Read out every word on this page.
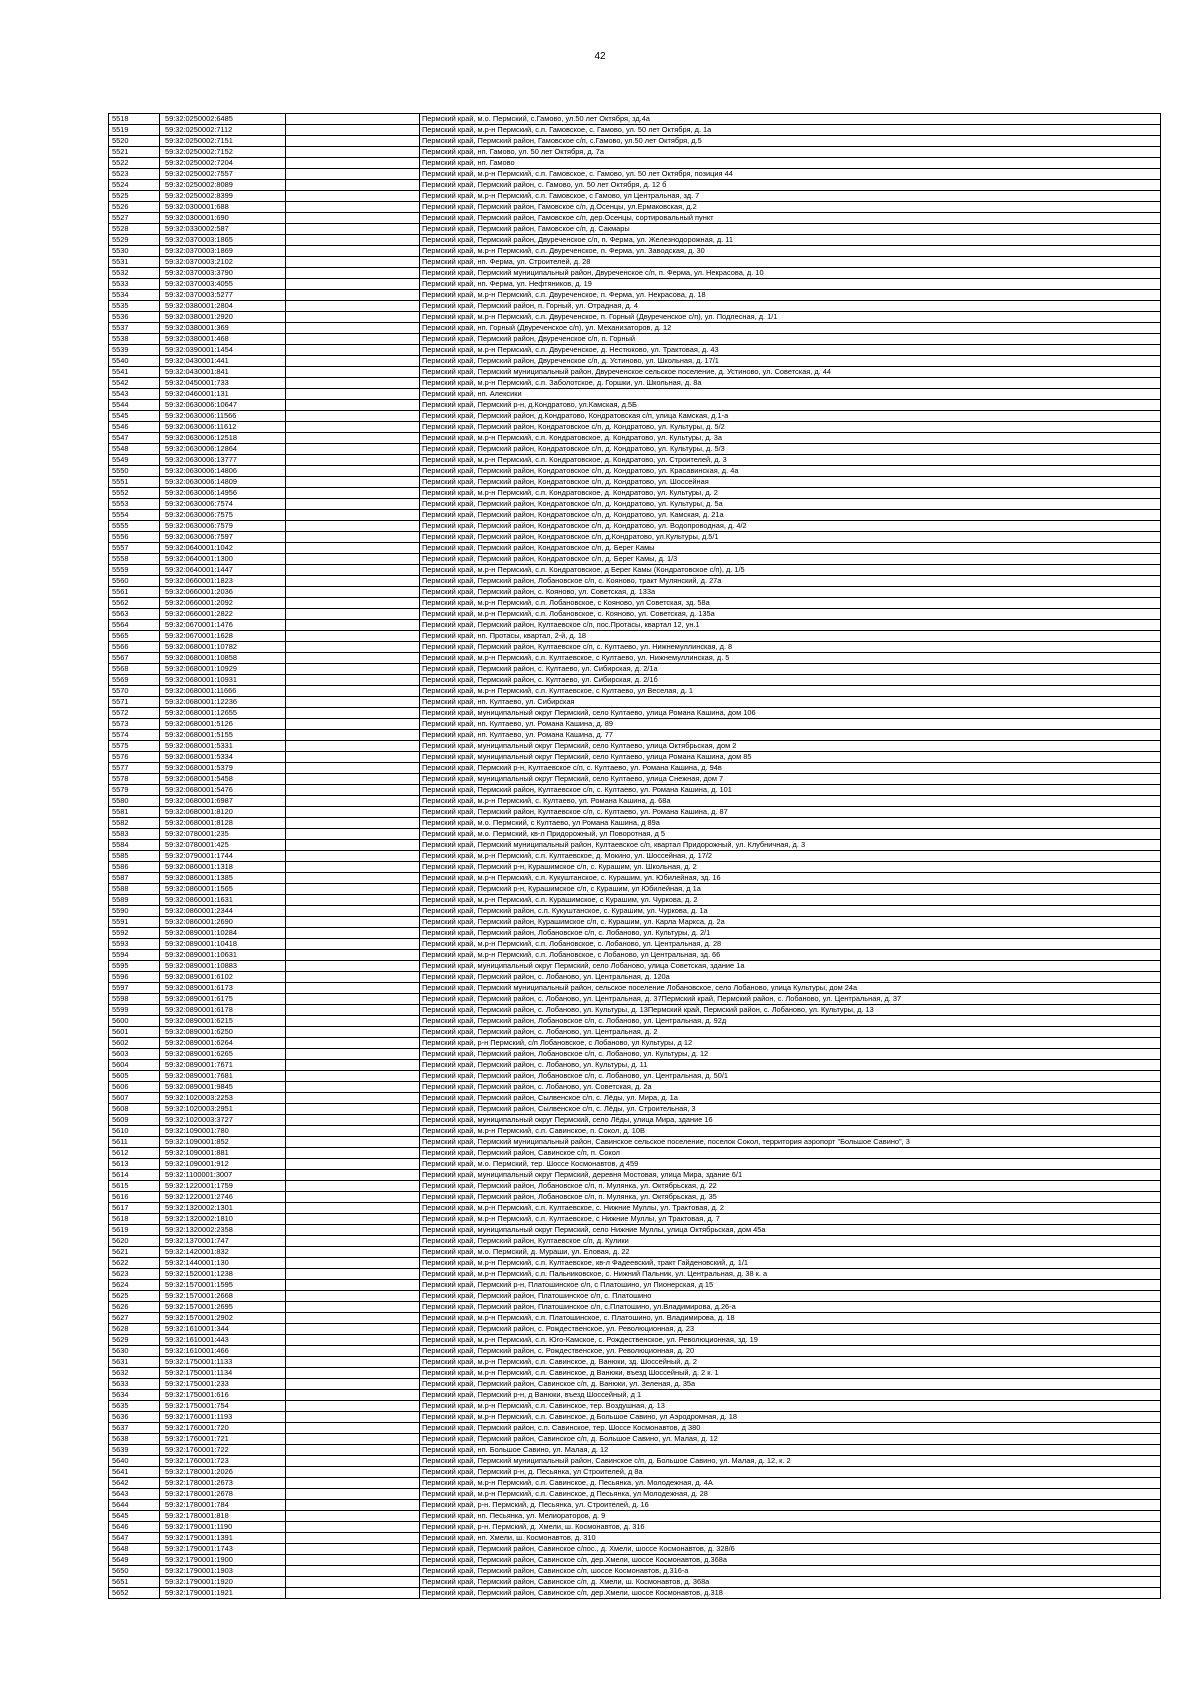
42
5518	59:32:0250002:6485		Пермский край, м.о. Пермский, с.Гамово, ул.50 лет Октября, зд.4а
5519	59:32:0250002:7112		Пермский край, м.р-н Пермский, с.п. Гамовское, с. Гамово, ул. 50 лет Октября, д. 1а
5520	59:32:0250002:7151		Пермский край, Пермский район, Гамовское с/п, с.Гамово, ул.50 лет Октября, д.5
5521	59:32:0250002:7152		Пермский край, нп. Гамово, ул. 50 лет Октября, д. 7а
5522	59:32:0250002:7204		Пермский край, нп. Гамово
5523	59:32:0250002:7557		Пермский край, м.р-н Пермский, с.п. Гамовское, с. Гамово, ул. 50 лет Октября, позиция 44
5524	59:32:0250002:8089		Пермский край, Пермский район, с. Гамово, ул. 50 лет Октября, д. 12 б
5525	59:32:0250002:8399		Пермский край, м.р-н Пермский, с.п. Гамовское, с Гамово, ул Центральная, зд. 7
5526	59:32:0300001:688		Пермский край, Пермский район, Гамовское с/п, д.Осенцы, ул.Ермаковская, д.2
5527	59:32:0300001:690		Пермский край, Пермский район, Гамовское с/п, дер.Осенцы, сортировальный пункт
5528	59:32:0330002:587		Пермский край, Пермский район, Гамовское с/п, д. Сакмары
5529	59:32:0370003:1865		Пермский край, Пермский район, Двуреченское с/п, п. Ферма, ул. Железнодорожная, д. 11
5530	59:32:0370003:1869		Пермский край, м.р-н Пермский, с.п. Двуреченское, п. Ферма, ул. Заводская, д. 30
5531	59:32:0370003:2102		Пермский край, нп. Ферма, ул. Строителей, д. 28
5532	59:32:0370003:3790		Пермский край, Пермский муниципальный район, Двуреченское с/п, п. Ферма, ул. Некрасова, д. 10
5533	59:32:0370003:4055		Пермский край, нп. Ферма, ул. Нефтяников, д. 19
5534	59:32:0370003:5277		Пермский край, м.р-н Пермский, с.п. Двуреченское, п. Ферма, ул. Некрасова, д. 18
5535	59:32:0380001:2804		Пермский край, Пермский район, п. Горный, ул. Отрадная, д. 4
5536	59:32:0380001:2920		Пермский край, м.р-н Пермский, с.п. Двуреченское, п. Горный (Двуреченское с/п), ул. Подлесная, д. 1/1
5537	59:32:0380001:369		Пермский край, нп. Горный (Двуреченское с/п), ул. Механизаторов, д. 12
5538	59:32:0380001:468		Пермский край, Пермский район, Двуреченское с/п, п. Горный
5539	59:32:0390001:1454		Пермский край, м.р-н Пермский, с.п. Двуреченское, д. Нестюково, ул. Трактовая, д. 43
5540	59:32:0430001:441		Пермский край, Пермский район, Двуреченское с/п, д. Устиново, ул. Школьная, д. 17/1
5541	59:32:0430001:841		Пермский край, Пермский муниципальный район, Двуреченское сельское поселение, д. Устиново, ул. Советская, д. 44
5542	59:32:0450001:733		Пермский край, м.р-н Пермский, с.п. Заболотское, д. Горшки, ул. Школьная, д. 8а
5543	59:32:0460001:131		Пермский край, нп. Алексики
5544	59:32:0630006:10647		Пермский край, Пермский р-н, д.Кондратово, ул.Камская, д.5Б
5545	59:32:0630006:11566		Пермский край, Пермский район, д.Кондратово, Кондратовская с/п, улица Камская, д.1-а
5546	59:32:0630006:11612		Пермский край, Пермский район, Кондратовское с/п, д. Кондратово, ул. Культуры, д. 5/2
5547	59:32:0630006:12518		Пермский край, м.р-н Пермский, с.п. Кондратовское, д. Кондратово, ул. Культуры, д. 3а
5548	59:32:0630006:12864		Пермский край, Пермский район, Кондратовское с/п, д. Кондратово, ул. Культуры, д. 5/3
5549	59:32:0630006:13777		Пермский край, м.р-н Пермский, с.п. Кондратовское, д. Кондратово, ул. Строителей, д. 3
5550	59:32:0630006:14806		Пермский край, Пермский район, Кондратовское с/п, д. Кондратово, ул. Красавинская, д. 4а
5551	59:32:0630006:14809		Пермский край, Пермский район, Кондратовское с/п, д. Кондратово, ул. Шоссейная
5552	59:32:0630006:14956		Пермский край, м.р-н Пермский, с.п. Кондратовское, д. Кондратово, ул. Культуры, д. 2
5553	59:32:0630006:7574		Пермский край, Пермский район, Кондратовское с/п, д. Кондратово, ул. Культуры, д. 5а
5554	59:32:0630006:7575		Пермский край, Пермский район, Кондратовское с/п, д. Кондратово, ул. Камская, д. 21а
5555	59:32:0630006:7579		Пермский край, Пермский район, Кондратовское с/п, д. Кондратово, ул. Водопроводная, д. 4/2
5556	59:32:0630006:7597		Пермский край, Пермский район, Кондратовское с/п, д.Кондратово, ул.Культуры, д.5/1
5557	59:32:0640001:1042		Пермский край, Пермский район, Кондратовское с/п, д. Берег Камы
5558	59:32:0640001:1300		Пермский край, Пермский район, Кондратовское с/п, д. Берег Камы, д. 1/3
5559	59:32:0640001:1447		Пермский край, м.р-н Пермский, с.п. Кондратовское, д Берег Камы (Кондратовское с/п), д. 1/5
5560	59:32:0660001:1823		Пермский край, Пермский район, Лобановское с/п, с. Кояново, тракт Мулянский, д. 27а
5561	59:32:0660001:2036		Пермский край, Пермский район, с. Кояново, ул. Советская, д. 133а
5562	59:32:0660001:2092		Пермский край, м.р-н Пермский, с.п. Лобановское, с Кояново, ул Советская, зд. 58а
5563	59:32:0660001:2822		Пермский край, м.р-н Пермский, с.п. Лобановское, с. Кояново, ул. Советская, д. 135а
5564	59:32:0670001:1476		Пермский край, Пермский район, Култаевское с/п, пос.Протасы, квартал 12, ун.1
5565	59:32:0670001:1628		Пермский край, нп. Протасы, квартал, 2-й, д. 18
5566	59:32:0680001:10782		Пермский край, Пермский район, Култаевское с/п, с. Култаево, ул. Нижнемуллинская, д. 8
5567	59:32:0680001:10858		Пермский край, м.р-н Пермский, с.п. Култаевское, с Култаево, ул. Нижнемуллинская, д. 5
5568	59:32:0680001:10929		Пермский край, Пермский район, с. Култаево, ул. Сибирская, д. 2/1а
5569	59:32:0680001:10931		Пермский край, Пермский район, с. Култаево, ул. Сибирская, д. 2/1б
5570	59:32:0680001:11666		Пермский край, м.р-н Пермский, с.п. Култаевское, с Култаево, ул Веселая, д. 1
5571	59:32:0680001:12236		Пермский край, нп. Култаево, ул. Сибирская
5572	59:32:0680001:12655		Пермский край, муниципальный округ Пермский, село Култаево, улица Романа Кашина, дом 106
5573	59:32:0680001:5126		Пермский край, нп. Култаево, ул. Романа Кашина, д. 89
5574	59:32:0680001:5155		Пермский край, нп. Култаево, ул. Романа Кашина, д. 77
5575	59:32:0680001:5331		Пермский край, муниципальный округ Пермский, село Култаево, улица Октябрьская, дом 2
5576	59:32:0680001:5334		Пермский край, муниципальный округ Пермский, село Култаево, улица Романа Кашина, дом 85
5577	59:32:0680001:5379		Пермский край, Пермский р-н, Култаевское с/п, с. Култаево, ул. Романа Кашина, д. 94в
5578	59:32:0680001:5458		Пермский край, муниципальный округ Пермский, село Култаево, улица Снежная, дом 7
5579	59:32:0680001:5476		Пермский край, Пермский район, Култаевское с/п, с. Култаево, ул. Романа Кашина, д. 101
5580	59:32:0680001:6987		Пермский край, м.р-н Пермский, с. Култаево, ул. Романа Кашина, д. 68а
5581	59:32:0680001:8120		Пермский край, Пермский район, Култаевское с/п, с. Култаево, ул. Романа Кашина, д. 87
5582	59:32:0680001:8128		Пермский край, м.о. Пермский, с Култаево, ул Романа Кашина, д 89а
5583	59:32:0780001:235		Пермский край, м.о. Пермский, кв-л Придорожный, ул Поворотная, д 5
5584	59:32:0780001:425		Пермский край, Пермский муниципальный район, Култаевское с/п, квартал Придорожный, ул. Клубничная, д. 3
5585	59:32:0790001:1744		Пермский край, м.р-н Пермский, с.п. Култаевское, д. Мокино, ул. Шоссейная, д. 17/2
5586	59:32:0860001:1318		Пермский край, Пермский р-н, Курашимское с/п, с. Курашим, ул. Школьная, д. 2
5587	59:32:0860001:1385		Пермский край, м.р-н Пермский, с.п. Кукуштанское, с. Курашим, ул. Юбилейная, зд. 16
5588	59:32:0860001:1565		Пермский край, Пермский р-н, Курашимское с/п, с Курашим, ул Юбилейная, д 1а
5589	59:32:0860001:1631		Пермский край, м.р-н Пермский, с.п. Курашимское, с Курашим, ул. Чуркова, д. 2
5590	59:32:0860001:2344		Пермский край, Пермский район, с.п. Кукуштанское, с. Курашим, ул. Чуркова, д. 1а
5591	59:32:0860001:2690		Пермский край, Пермский район, Курашимское с/п, с. Курашим, ул. Карла Маркса, д. 2а
5592	59:32:0890001:10284		Пермский край, Пермский район, Лобановское с/п, с. Лобаново, ул. Культуры, д. 2/1
5593	59:32:0890001:10418		Пермский край, м.р-н Пермский, с.п. Лобановское, с. Лобаново, ул. Центральная, д. 28
5594	59:32:0890001:10631		Пермский край, м.р-н Пермский, с.п. Лобановское, с Лобаново, ул Центральная, зд. 66
5595	59:32:0890001:10883		Пермский край, муниципальный округ Пермский, село Лобаново, улица Советская, здание 1а
5596	59:32:0890001:6102		Пермский край, Пермский район, с. Лобаново, ул. Центральная, д. 120а
5597	59:32:0890001:6173		Пермский край, Пермский муниципальный район, сельское поселение Лобановское, село Лобаново, улица Культуры, дом 24а
5598	59:32:0890001:6175		Пермский край, Пермский район, с. Лобаново, ул. Центральная, д. 37Пермский край, Пермский район, с. Лобаново, ул. Центральная, д. 37
5599	59:32:0890001:6178		Пермский край, Пермский район, с. Лобаново, ул. Культуры, д. 13Пермский край, Пермский район, с. Лобаново, ул. Культуры, д. 13
5600	59:32:0890001:6215		Пермский край, Пермский район, Лобановское с/п, с. Лобаново, ул. Центральная, д. 92д
5601	59:32:0890001:6250		Пермский край, Пермский район, с. Лобаново, ул. Центральная, д. 2
5602	59:32:0890001:6264		Пермский край, р-н Пермский, с/п Лобановское, с Лобаново, ул Культуры, д 12
5603	59:32:0890001:6265		Пермский край, Пермский район, Лобановское с/п, с. Лобаново, ул. Культуры, д. 12
5604	59:32:0890001:7671		Пермский край, Пермский район, с. Лобаново, ул. Культуры, д. 11
5605	59:32:0890001:7681		Пермский край, Пермский район, Лобановское с/п, с. Лобаново, ул. Центральная, д. 50/1
5606	59:32:0890001:9845		Пермский край, Пермский район, с. Лобаново, ул. Советская, д. 2а
5607	59:32:1020003:2253		Пермский край, Пермский район, Сылвенское с/п, с. Лёды, ул. Мира, д. 1а
5608	59:32:1020003:2951		Пермский край, Пермский район, Сылвенское с/п, с. Лёды, ул. Строительная, 3
5609	59:32:1020003:3727		Пермский край, муниципальный округ Пермский, село Лёды, улица Мира, здание 16
5610	59:32:1090001:780		Пермский край, м.р-н Пермский, с.п. Савинское, п. Сокол, д. 10В
5611	59:32:1090001:852		Пермский край, Пермский муниципальный район, Савинское сельское поселение, поселок Сокол, территория аэропорт "Большое Савино", 3
5612	59:32:1090001:881		Пермский край, Пермский район, Савинское с/п, п. Сокол
5613	59:32:1090001:912		Пермский край, м.о. Пермский, тер. Шоссе Космонавтов, д 459
5614	59:32:1100001:3007		Пермский край, муниципальный округ Пермский, деревня Мостовая, улица Мира, здание 6/1
5615	59:32:1220001:1759		Пермский край, Пермский район, Лобановское с/п, п. Мулянка, ул. Октябрьская, д. 22
5616	59:32:1220001:2746		Пермский край, Пермский район, Лобановское с/п, п. Мулянка, ул. Октябрьская, д. 35
5617	59:32:1320002:1301		Пермский край, м.р-н Пермский, с.п. Култаевское, с. Нижние Муллы, ул. Трактовая, д. 2
5618	59:32:1320002:1810		Пермский край, м.р-н Пермский, с.п. Култаевское, с Нижние Муллы, ул Трактовая, д. 7
5619	59:32:1320002:2358		Пермский край, муниципальный округ Пермский, село Нижние Муллы, улица Октябрьская, дом 45а
5620	59:32:1370001:747		Пермский край, Пермский район, Култаевское с/п, д. Кулики
5621	59:32:1420001:832		Пермский край, м.о. Пермский, д. Мураши, ул. Еловая, д. 22
5622	59:32:1440001:130		Пермский край, м.р-н Пермский, с.п. Култаевское, кв-л Фадеевский, тракт Гайденовский, д. 1/1
5623	59:32:1520001:1238		Пермский край, м.р-н Пермский, с.п. Пальниковское, с. Нижний Пальник, ул. Центральная, д. 38 к. а
5624	59:32:1570001:1595		Пермский край, Пермский р-н, Платошинское с/п, с Платошино, ул Пионерская, д 15
5625	59:32:1570001:2668		Пермский край, Пермский район, Платошинское с/п, с. Платошино
5626	59:32:1570001:2695		Пермский край, Пермский район, Платошинское с/п, с.Платошино, ул.Владимирова, д.26-а
5627	59:32:1570001:2902		Пермский край, м.р-н Пермский, с.п. Платошинское, с. Платошино, ул. Владимирова, д. 18
5628	59:32:1610001:344		Пермский край, Пермский район, с. Рождественское, ул. Революционная, д. 23
5629	59:32:1610001:443		Пермский край, м.р-н Пермский, с.п. Юго-Камское, с. Рождественское, ул. Революционная, зд. 19
5630	59:32:1610001:466		Пермский край, Пермский район, с. Рождественское, ул. Революционная, д. 20
5631	59:32:1750001:1133		Пермский край, м.р-н Пермский, с.п. Савинское, д. Ванюки, зд. Шоссейный, д. 2
5632	59:32:1750001:1134		Пермский край, м.р-н Пермский, с.п. Савинское, д Ванюки, въезд Шоссейный, д. 2 к. 1
5633	59:32:1750001:233		Пермский край, Пермский район, Савинское с/п, д. Ванюки, ул. Зеленая, д. 35а
5634	59:32:1750001:616		Пермский край, Пермский р-н, д Ванюки, въезд Шоссейный, д 1
5635	59:32:1750001:754		Пермский край, м.р-н Пермский, с.п. Савинское, тер. Воздушная, д. 13
5636	59:32:1760001:1193		Пермский край, м.р-н Пермский, с.п. Савинское, д Большое Савино, ул Аэродромная, д. 18
5637	59:32:1760001:720		Пермский край, Пермский район, с.п. Савинское, тер. Шоссе Космонавтов, д 380
5638	59:32:1760001:721		Пермский край, Пермский район, Савинское с/п, д. Большое Савино, ул. Малая, д. 12
5639	59:32:1760001:722		Пермский край, нп. Большое Савино, ул. Малая, д. 12
5640	59:32:1760001:723		Пермский край, Пермский муниципальный район, Савинское с/п, д. Большое Савино, ул. Малая, д. 12, к. 2
5641	59:32:1780001:2026		Пермский край, Пермский р-н, д. Песьянка, ул Строителей, д 8а
5642	59:32:1780001:2673		Пермский край, м.р-н Пермский, с.п. Савинское, д. Песьянка, ул. Молодежная, д. 4А
5643	59:32:1780001:2678		Пермский край, м.р-н Пермский, с.п. Савинское, д Песьянка, ул Молодежная, д. 28
5644	59:32:1780001:784		Пермский край, р-н. Пермский, д. Песьянка, ул. Строителей, д. 16
5645	59:32:1780001:818		Пермский край, нп. Песьянка, ул. Мелиораторов, д. 9
5646	59:32:1790001:1190		Пермский край, р-н. Пермский, д. Хмели, ш. Космонавтов, д. 316
5647	59:32:1790001:1391		Пермский край, нп. Хмели, ш. Космонавтов, д. 310
5648	59:32:1790001:1743		Пермский край, Пермский район, Савинское с/пос., д. Хмели, шоссе Космонавтов, д. 328/6
5649	59:32:1790001:1900		Пермский край, Пермский район, Савинское с/п, дер.Хмели, шоссе Космонавтов, д.368а
5650	59:32:1790001:1903		Пермский край, Пермский район, Савинское с/п, шоссе Космонавтов, д.316-а
5651	59:32:1790001:1920		Пермский край, Пермский район, Савинское с/п, д. Хмели, ш. Космонавтов, д. 368а
5652	59:32:1790001:1921		Пермский край, Пермский район, Савинское с/п, дер.Хмели, шоссе Космонавтов, д.318
